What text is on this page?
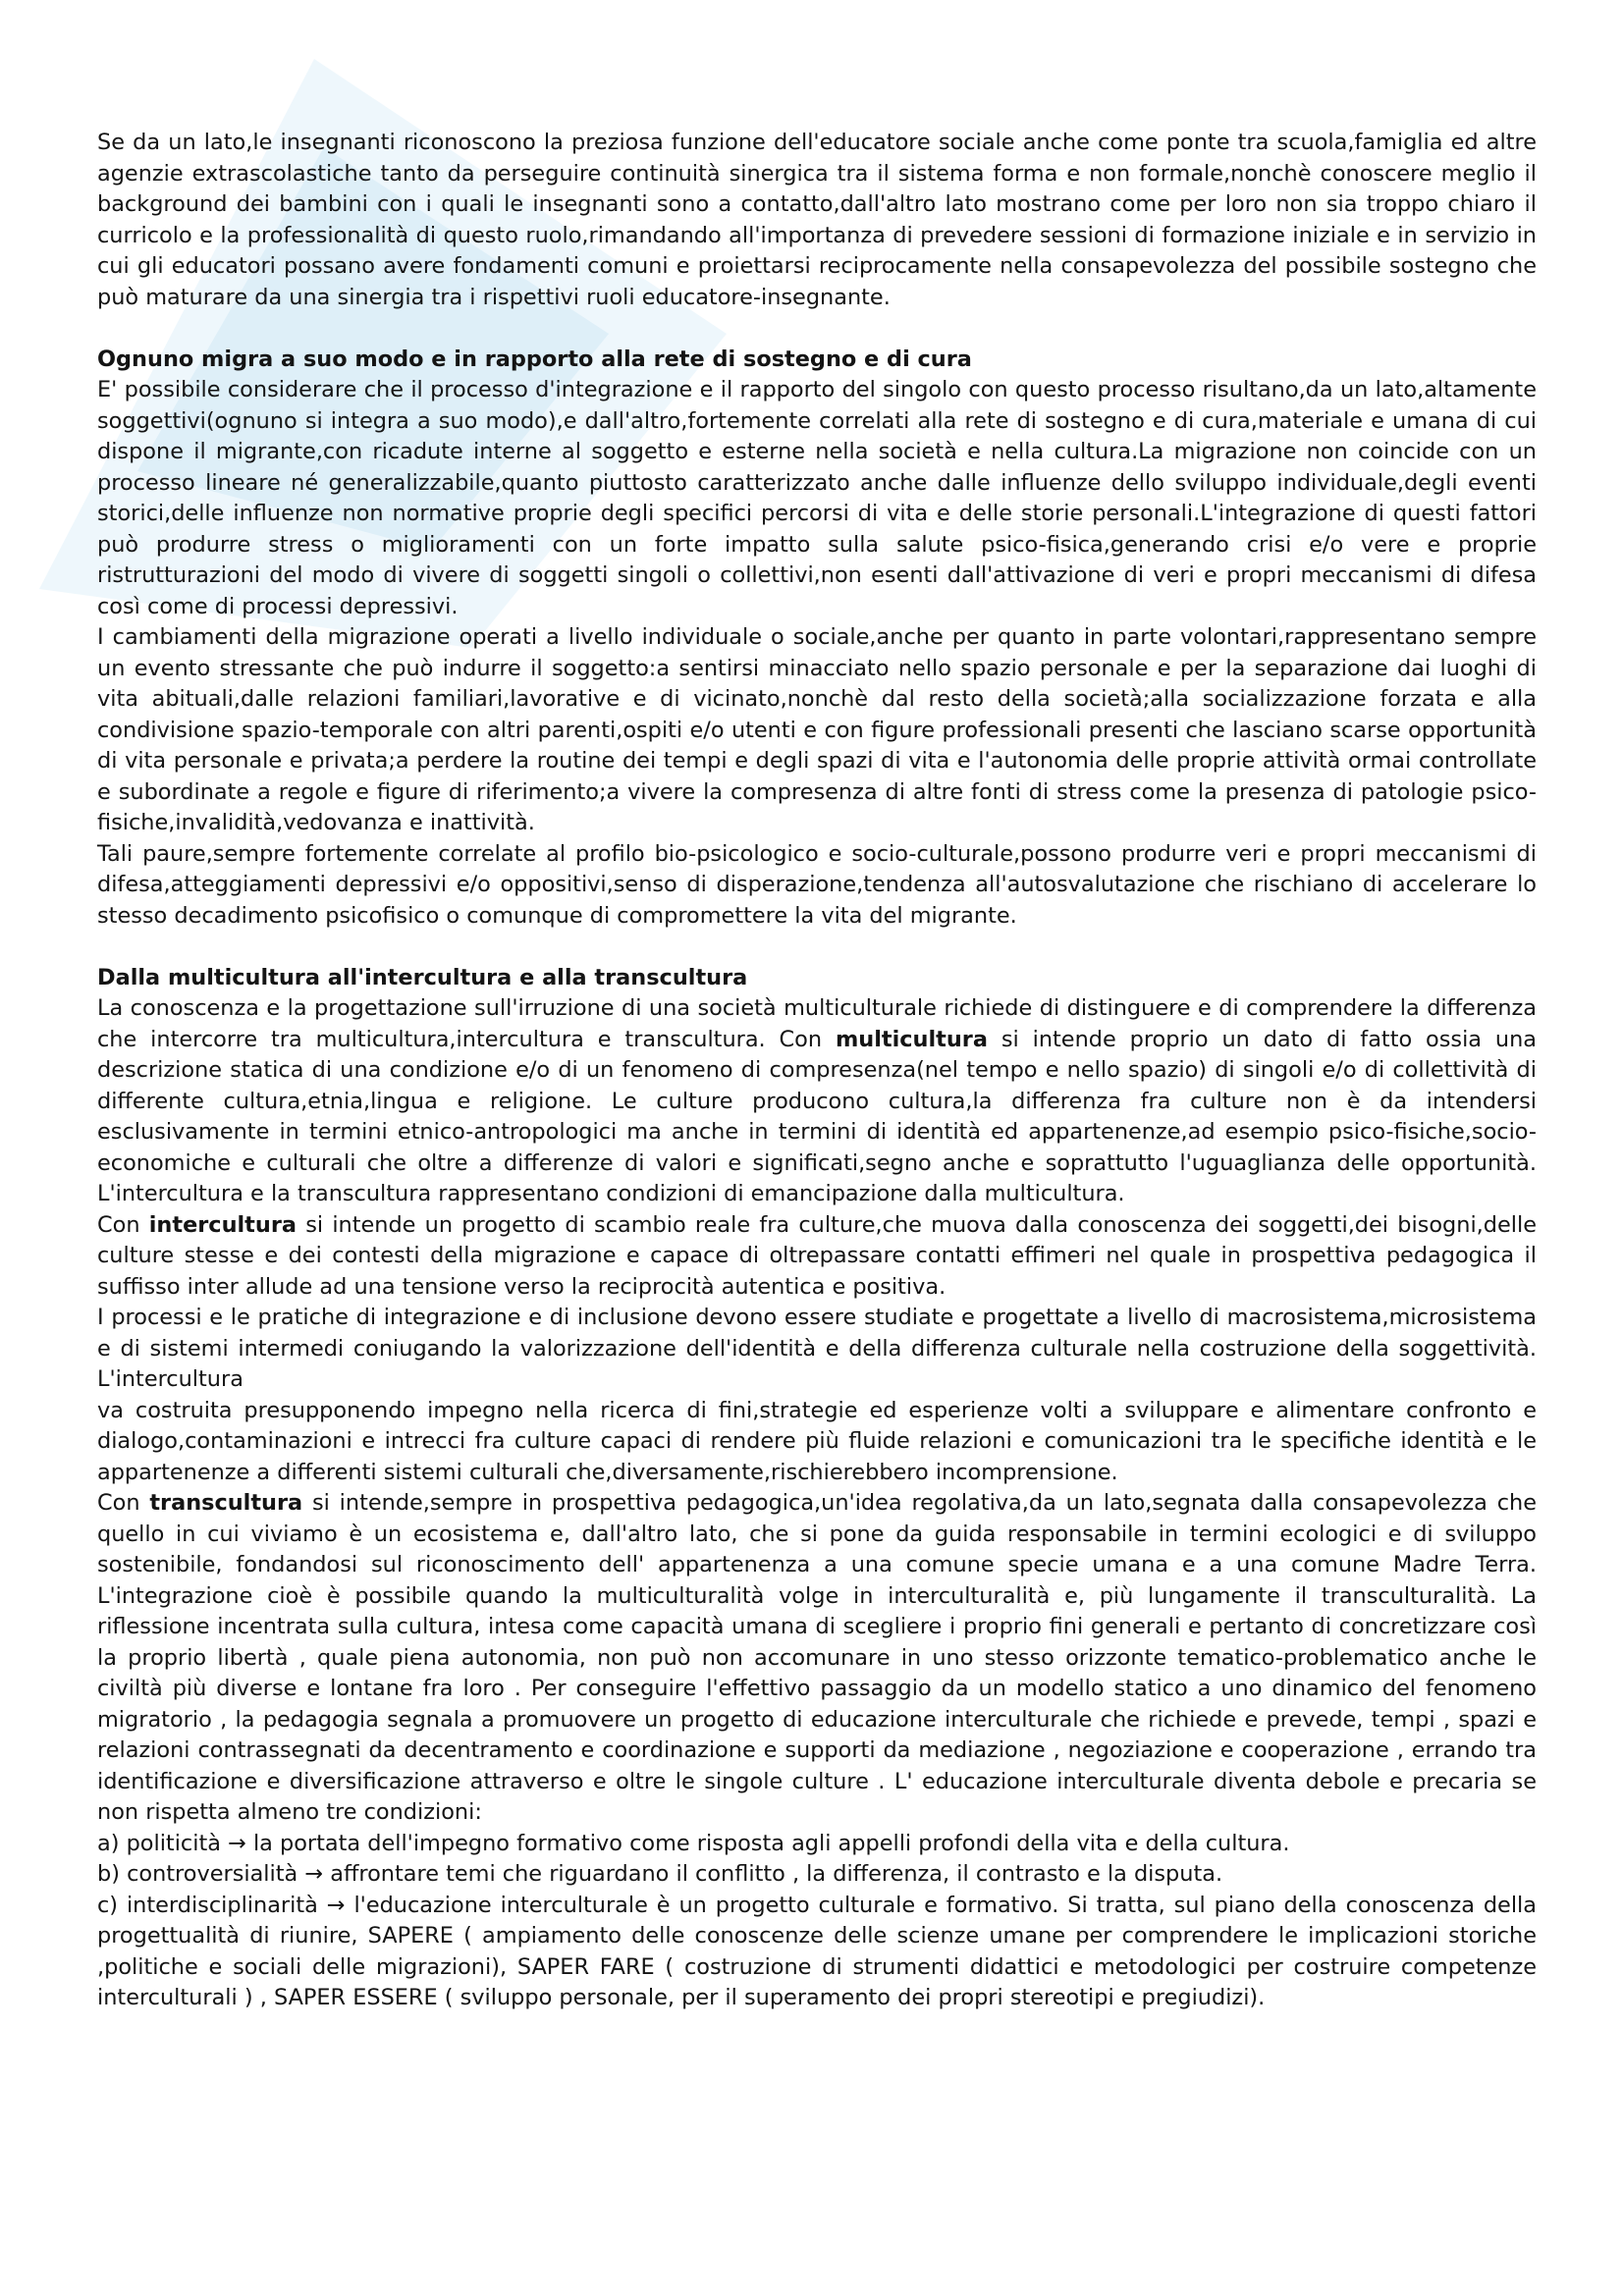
Se da un lato,le insegnanti riconoscono la preziosa funzione dell'educatore sociale anche come ponte tra scuola,famiglia ed altre agenzie extrascolastiche tanto da perseguire continuità sinergica tra il sistema forma e non formale,nonchè conoscere meglio il background dei bambini con i quali le insegnanti sono a contatto,dall'altro lato mostrano come per loro non sia troppo chiaro il curricolo e la professionalità di questo ruolo,rimandando all'importanza di prevedere sessioni di formazione iniziale e in servizio in cui gli educatori possano avere fondamenti comuni e proiettarsi reciprocamente nella consapevolezza del possibile sostegno che può maturare da una sinergia tra i rispettivi ruoli educatore-insegnante.

Ognuno migra a suo modo e in rapporto alla rete di sostegno e di cura

E' possibile considerare che il processo d'integrazione e il rapporto del singolo con questo processo risultano,da un lato,altamente soggettivi(ognuno si integra a suo modo),e dall'altro,fortemente correlati alla rete di sostegno e di cura,materiale e umana di cui dispone il migrante,con ricadute interne al soggetto e esterne nella società e nella cultura.La migrazione non coincide con un processo lineare né generalizzabile,quanto piuttosto caratterizzato anche dalle influenze dello sviluppo individuale,degli eventi storici,delle influenze non normative proprie degli specifici percorsi di vita e delle storie personali.L'integrazione di questi fattori può produrre stress o miglioramenti con un forte impatto sulla salute psico-fisica,generando crisi e/o vere e proprie ristrutturazioni del modo di vivere di soggetti singoli o collettivi,non esenti dall'attivazione di veri e propri meccanismi di difesa così come di processi depressivi.

I cambiamenti della migrazione operati a livello individuale o sociale,anche per quanto in parte volontari,rappresentano sempre un evento stressante che può indurre il soggetto:a sentirsi minacciato nello spazio personale e per la separazione dai luoghi di vita abituali,dalle relazioni familiari,lavorative e di vicinato,nonchè dal resto della società;alla socializzazione forzata e alla condivisione spazio-temporale con altri parenti,ospiti e/o utenti e con figure professionali presenti che lasciano scarse opportunità di vita personale e privata;a perdere la routine dei tempi e degli spazi di vita e l'autonomia delle proprie attività ormai controllate e subordinate a regole e figure di riferimento;a vivere la compresenza di altre fonti di stress come la presenza di patologie psico-fisiche,invalidità,vedovanza e inattività.

Tali paure,sempre fortemente correlate al profilo bio-psicologico e socio-culturale,possono produrre veri e propri meccanismi di difesa,atteggiamenti depressivi e/o oppositivi,senso di disperazione,tendenza all'autosvalutazione che rischiano di accelerare lo stesso decadimento psicofisico o comunque di compromettere la vita del migrante.

Dalla multicultura all'intercultura e alla transcultura

La conoscenza e la progettazione sull'irruzione di una società multiculturale richiede di distinguere e di comprendere la differenza che intercorre tra multicultura,intercultura e transcultura. Con multicultura si intende proprio un dato di fatto ossia una descrizione statica di una condizione e/o di un fenomeno di compresenza(nel tempo e nello spazio) di singoli e/o di collettività di differente cultura,etnia,lingua e religione. Le culture producono cultura,la differenza fra culture non è da intendersi esclusivamente in termini etnico-antropologici ma anche in termini di identità ed appartenenze,ad esempio psico-fisiche,socio-economiche e culturali che oltre a differenze di valori e significati,segno anche e soprattutto l'uguaglianza delle opportunità. L'intercultura e la transcultura rappresentano condizioni di emancipazione dalla multicultura.

Con intercultura si intende un progetto di scambio reale fra culture,che muova dalla conoscenza dei soggetti,dei bisogni,delle culture stesse e dei contesti della migrazione e capace di oltrepassare contatti effimeri nel quale in prospettiva pedagogica il suffisso inter allude ad una tensione verso la reciprocità autentica e positiva.

I processi e le pratiche di integrazione e di inclusione devono essere studiate e progettate a livello di macrosistema,microsistema e di sistemi intermedi coniugando la valorizzazione dell'identità e della differenza culturale nella costruzione della soggettività. L'intercultura

va costruita presupponendo impegno nella ricerca di fini,strategie ed esperienze volti a sviluppare e alimentare confronto e dialogo,contaminazioni e intrecci fra culture capaci di rendere più fluide relazioni e comunicazioni tra le specifiche identità e le appartenenze a differenti sistemi culturali che,diversamente,rischierebbero incomprensione.

Con transcultura si intende,sempre in prospettiva pedagogica,un'idea regolativa,da un lato,segnata dalla consapevolezza che quello in cui viviamo è un ecosistema e, dall'altro lato, che si pone da guida responsabile in termini ecologici e di sviluppo sostenibile, fondandosi sul riconoscimento dell' appartenenza a una comune specie umana e a una comune Madre Terra. L'integrazione cioè è possibile quando la multiculturalità volge in interculturalità e, più lungamente il transculturalità. La riflessione incentrata sulla cultura, intesa come capacità umana di scegliere i proprio fini generali e pertanto di concretizzare così la proprio libertà , quale piena autonomia, non può non accomunare in uno stesso orizzonte tematico-problematico anche le civiltà più diverse e lontane fra loro . Per conseguire l'effettivo passaggio da un modello statico a uno dinamico del fenomeno migratorio , la pedagogia segnala a promuovere un progetto di educazione interculturale che richiede e prevede, tempi , spazi e relazioni contrassegnati da decentramento e coordinazione e supporti da mediazione , negoziazione e cooperazione , errando tra identificazione e diversificazione attraverso e oltre le singole culture . L' educazione interculturale diventa debole e precaria se non rispetta almeno tre condizioni:

a) politicità → la portata dell'impegno formativo come risposta agli appelli profondi della vita e della cultura.

b) controversialità → affrontare temi che riguardano il conflitto , la differenza, il contrasto e la disputa.

c) interdisciplinarità → l'educazione interculturale è un progetto culturale e formativo. Si tratta, sul piano della conoscenza della progettualità di riunire, SAPERE ( ampiamento delle conoscenze delle scienze umane per comprendere le implicazioni storiche ,politiche e sociali delle migrazioni), SAPER FARE ( costruzione di strumenti didattici e metodologici per costruire competenze interculturali ) , SAPER ESSERE ( sviluppo personale, per il superamento dei propri stereotipi e pregiudizi).
